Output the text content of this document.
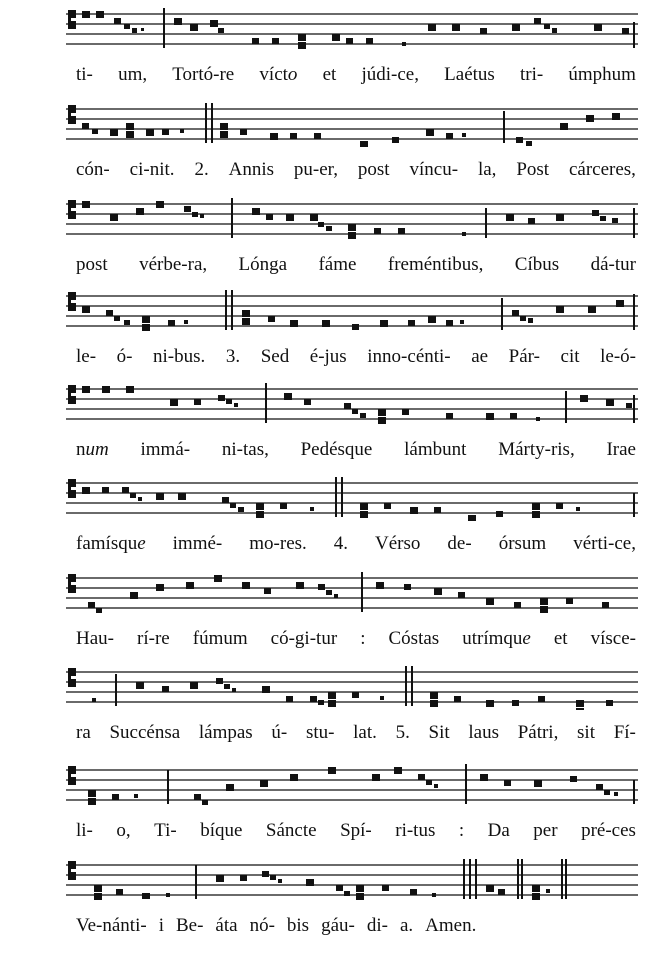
ti- um, Tortó-re vícto et júdi-ce, Laétus tri- úmphum
cón- ci-nit. 2. Annis pu-er, post víncu- la, Post cárceres,
post vérbe-ra, Lónga fáme freméntibus, Cíbus dá-tur
le- ó- ni-bus. 3. Sed é-jus inno-cénti- ae Pár- cit le-ó-
num immá- ni-tas, Pedésque lámbunt Márty-ris, Irae
famísque immé- mo-res. 4. Vérso de- órsum vérti-ce,
Hau- rí-re fúmum có-gi-tur : Cóstas utrímque et vísce-
ra Succénsa lámpas ú- stu- lat. 5. Sit laus Pátri, sit Fí-
li- o, Ti- bíque Sáncte Spí- ri-tus : Da per pré-ces
Ve-nánti- i Be- áta nó- bis gáu- di- a. Amen.
